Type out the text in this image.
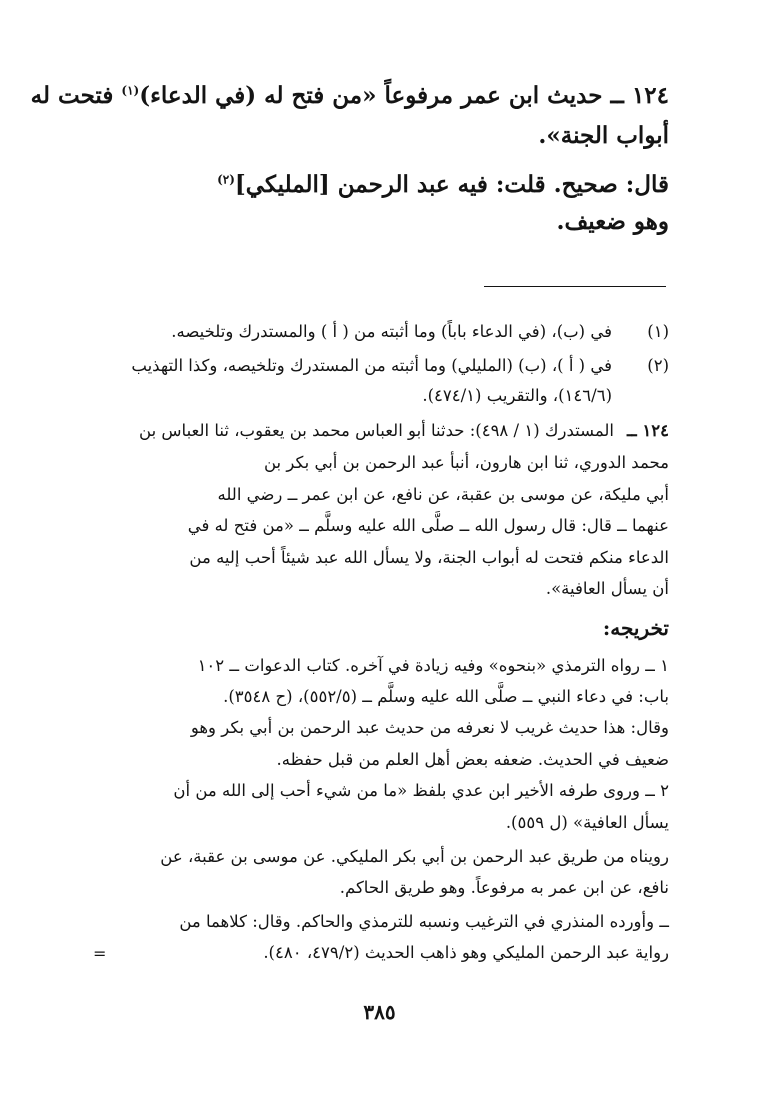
١٢٤ ــ حديث ابن عمر مرفوعاً «من فتح له (في الدعاء)$^{(١)}$ فتحت له
أبواب الجنة».
قال: صحيح. قلت: فيه عبد الرحمن [المليكي]$^{(٢)}$
وهو ضعيف.
(١)
في (ب)، (في الدعاء باباً) وما أثبته من ( أ ) والمستدرك وتلخيصه.
(٢)
في ( أ )، (ب) (المليلي) وما أثبته من المستدرك وتلخيصه، وكذا التهذيب
(١٤٦/٦)، والتقريب (٤٧٤/١).
١٢٤ ــ
المستدرك (١ / ٤٩٨): حدثنا أبو العباس محمد بن يعقوب، ثنا العباس بن
محمد الدوري، ثنا ابن هارون، أنبأ عبد الرحمن بن أبي بكر بن
أبي مليكة، عن موسى بن عقبة، عن نافع، عن ابن عمر ــ رضي الله
عنهما ــ قال: قال رسول الله ــ صلَّى الله عليه وسلَّم ــ «من فتح له في
الدعاء منكم فتحت له أبواب الجنة، ولا يسأل الله عبد شيئاً أحب إليه من
أن يسأل العافية».
تخريجه:
١ ــ رواه الترمذي «بنحوه» وفيه زيادة في آخره. كتاب الدعوات ــ ١٠٢
باب: في دعاء النبي ــ صلَّى الله عليه وسلَّم ــ (٥٥٢/٥)، (ح ٣٥٤٨).
وقال: هذا حديث غريب لا نعرفه من حديث عبد الرحمن بن أبي بكر وهو
ضعيف في الحديث. ضعفه بعض أهل العلم من قبل حفظه.
٢ ــ وروى طرفه الأخير ابن عدي بلفظ «ما من شيء أحب إلى الله من أن
يسأل العافية» (ل ٥٥٩).
رويناه من طريق عبد الرحمن بن أبي بكر المليكي. عن موسى بن عقبة، عن
نافع، عن ابن عمر به مرفوعاً. وهو طريق الحاكم.
ــ وأورده المنذري في الترغيب ونسبه للترمذي والحاكم. وقال: كلاهما من
رواية عبد الرحمن المليكي وهو ذاهب الحديث (٤٧٩/٢، ٤٨٠).
=
٣٨٥
